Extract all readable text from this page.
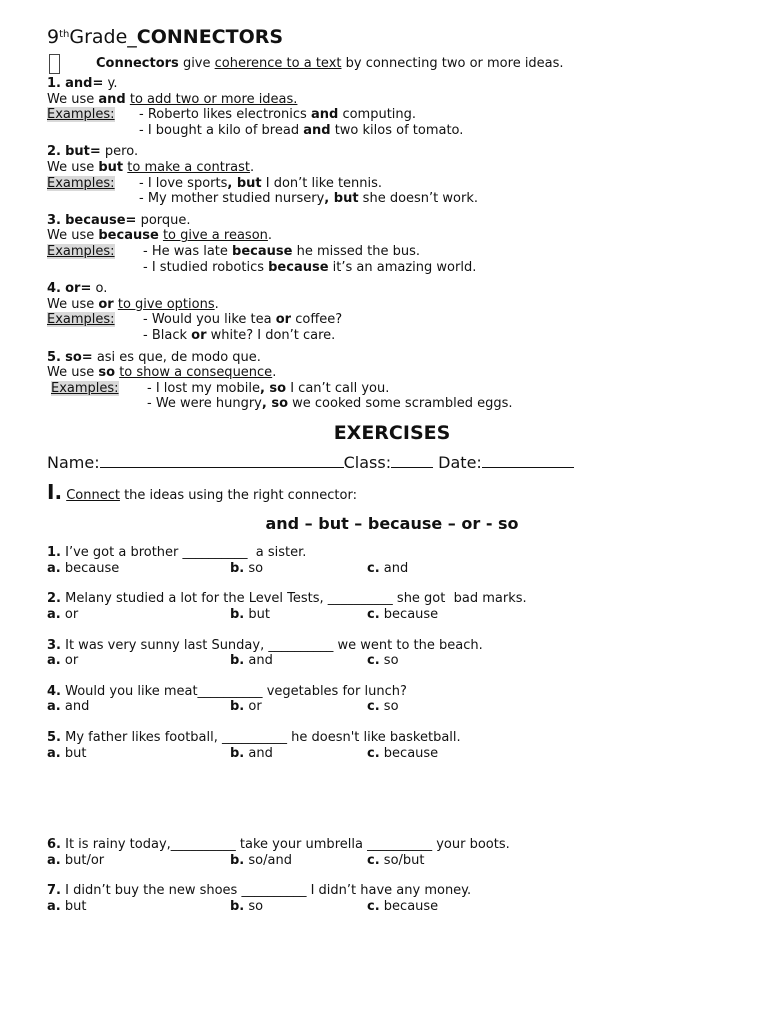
9thGrade_CONNECTORS
Connectors give coherence to a text by connecting two or more ideas.
1. and= y.
We use and to add two or more ideas.
Examples:	- Roberto likes electronics and computing.
- I bought a kilo of bread and two kilos of tomato.
2. but= pero.
We use but to make a contrast.
Examples:	- I love sports, but I don’t like tennis.
- My mother studied nursery, but she doesn’t work.
3. because= porque.
We use because to give a reason.
Examples:	- He was late because he missed the bus.
- I studied robotics because it’s an amazing world.
4. or= o.
We use or to give options.
Examples:	- Would you like tea or coffee?
- Black or white? I don’t care.
5. so= asi es que, de modo que.
We use so to show a consequence.
Examples:	- I lost my mobile, so I can’t call you.
- We were hungry, so we cooked some scrambled eggs.
EXERCISES
Name:	Class:	Date:
I. Connect the ideas using the right connector:
and – but – because – or - so
1. I’ve got a brother __________  a sister.
a. because	b. so	c. and
2. Melany studied a lot for the Level Tests, __________ she got  bad marks.
a. or	b. but	c. because
3. It was very sunny last Sunday, __________ we went to the beach.
a. or	b. and	c. so
4. Would you like meat__________ vegetables for lunch?
a. and	b. or	c. so
5. My father likes football, __________ he doesn't like basketball.
a. but	b. and	c. because
6. It is rainy today,__________ take your umbrella __________ your boots.
a. but/or	b. so/and	c. so/but
7. I didn’t buy the new shoes __________ I didn’t have any money.
a. but	b. so	c. because
